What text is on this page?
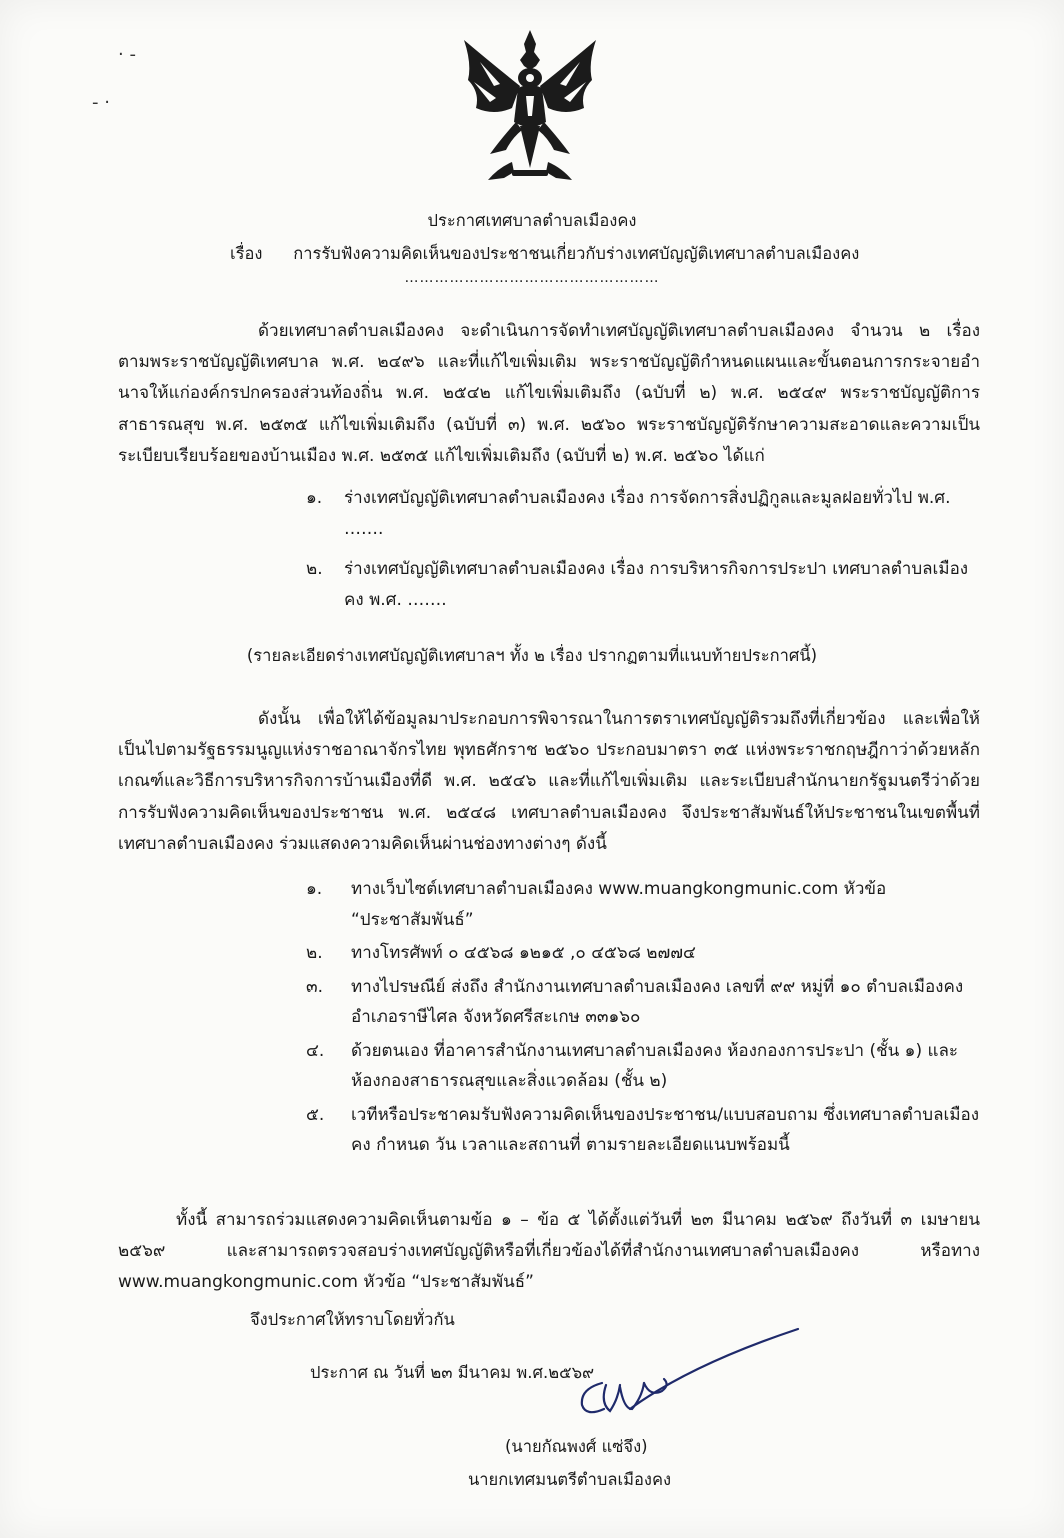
· -
- ·
ประกาศเทศบาลตำบลเมืองคง
เรื่อง การรับฟังความคิดเห็นของประชาชนเกี่ยวกับร่างเทศบัญญัติเทศบาลตำบลเมืองคง
……………………………………………

ด้วยเทศบาลตำบลเมืองคง จะดำเนินการจัดทำเทศบัญญัติเทศบาลตำบลเมืองคง จำนวน ๒ เรื่อง ตามพระราชบัญญัติเทศบาล พ.ศ. ๒๔๙๖ และที่แก้ไขเพิ่มเติม พระราชบัญญัติกำหนดแผนและขั้นตอนการกระจายอำนาจให้แก่องค์กรปกครองส่วนท้องถิ่น พ.ศ. ๒๕๔๒ แก้ไขเพิ่มเติมถึง (ฉบับที่ ๒) พ.ศ. ๒๕๔๙ พระราชบัญญัติการสาธารณสุข พ.ศ. ๒๕๓๕ แก้ไขเพิ่มเติมถึง (ฉบับที่ ๓) พ.ศ. ๒๕๖๐ พระราชบัญญัติรักษาความสะอาดและความเป็นระเบียบเรียบร้อยของบ้านเมือง พ.ศ. ๒๕๓๕ แก้ไขเพิ่มเติมถึง (ฉบับที่ ๒) พ.ศ. ๒๕๖๐ ได้แก่

๑. ร่างเทศบัญญัติเทศบาลตำบลเมืองคง เรื่อง การจัดการสิ่งปฏิกูลและมูลฝอยทั่วไป พ.ศ. …….
๒. ร่างเทศบัญญัติเทศบาลตำบลเมืองคง เรื่อง การบริหารกิจการประปา เทศบาลตำบลเมืองคง พ.ศ. …….
(รายละเอียดร่างเทศบัญญัติเทศบาลฯ ทั้ง ๒ เรื่อง ปรากฏตามที่แนบท้ายประกาศนี้)

ดังนั้น เพื่อให้ได้ข้อมูลมาประกอบการพิจารณาในการตราเทศบัญญัติรวมถึงที่เกี่ยวข้อง และเพื่อให้เป็นไปตามรัฐธรรมนูญแห่งราชอาณาจักรไทย พุทธศักราช ๒๕๖๐ ประกอบมาตรา ๓๕ แห่งพระราชกฤษฎีกาว่าด้วยหลักเกณฑ์และวิธีการบริหารกิจการบ้านเมืองที่ดี พ.ศ. ๒๕๔๖ และที่แก้ไขเพิ่มเติม และระเบียบสำนักนายกรัฐมนตรีว่าด้วยการรับฟังความคิดเห็นของประชาชน พ.ศ. ๒๕๔๘ เทศบาลตำบลเมืองคง จึงประชาสัมพันธ์ให้ประชาชนในเขตพื้นที่เทศบาลตำบลเมืองคง ร่วมแสดงความคิดเห็นผ่านช่องทางต่างๆ ดังนี้

๑. ทางเว็บไซต์เทศบาลตำบลเมืองคง www.muangkongmunic.com หัวข้อ “ประชาสัมพันธ์”
๒. ทางโทรศัพท์ ๐ ๔๕๖๘ ๑๒๑๕ ,๐ ๔๕๖๘ ๒๗๗๔
๓. ทางไปรษณีย์ ส่งถึง สำนักงานเทศบาลตำบลเมืองคง เลขที่ ๙๙ หมู่ที่ ๑๐ ตำบลเมืองคง อำเภอราษีไศล จังหวัดศรีสะเกษ ๓๓๑๖๐
๔. ด้วยตนเอง ที่อาคารสำนักงานเทศบาลตำบลเมืองคง ห้องกองการประปา (ชั้น ๑) และห้องกองสาธารณสุขและสิ่งแวดล้อม (ชั้น ๒)
๕. เวทีหรือประชาคมรับฟังความคิดเห็นของประชาชน/แบบสอบถาม ซึ่งเทศบาลตำบลเมืองคง กำหนด วัน เวลาและสถานที่ ตามรายละเอียดแนบพร้อมนี้

ทั้งนี้ สามารถร่วมแสดงความคิดเห็นตามข้อ ๑ – ข้อ ๕ ได้ตั้งแต่วันที่ ๒๓ มีนาคม ๒๕๖๙ ถึงวันที่ ๓ เมษายน ๒๕๖๙ และสามารถตรวจสอบร่างเทศบัญญัติหรือที่เกี่ยวข้องได้ที่สำนักงานเทศบาลตำบลเมืองคง หรือทาง www.muangkongmunic.com หัวข้อ “ประชาสัมพันธ์”

จึงประกาศให้ทราบโดยทั่วกัน
ประกาศ ณ วันที่ ๒๓ มีนาคม พ.ศ.๒๕๖๙
(นายกัณพงศ์ แซ่จึง)
นายกเทศมนตรีตำบลเมืองคง
